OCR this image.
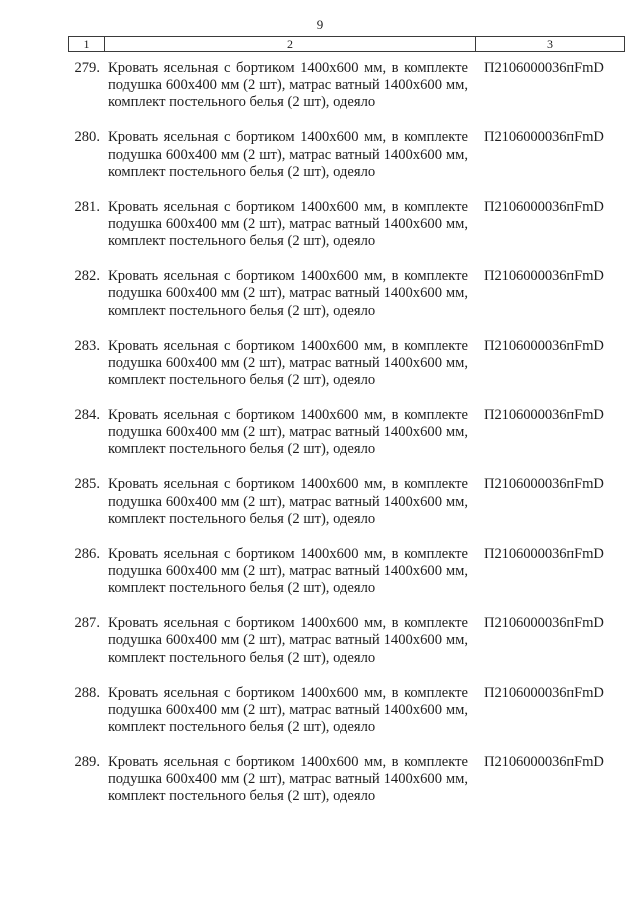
9
1	2	3
279. Кровать ясельная с бортиком 1400х600 мм, в комплекте подушка 600х400 мм (2 шт), матрас ватный 1400х600 мм, комплект постельного белья (2 шт), одеяло
П2106000036пFmD
280. Кровать ясельная с бортиком 1400х600 мм, в комплекте подушка 600х400 мм (2 шт), матрас ватный 1400х600 мм, комплект постельного белья (2 шт), одеяло
П2106000036пFmD
281. Кровать ясельная с бортиком 1400х600 мм, в комплекте подушка 600х400 мм (2 шт), матрас ватный 1400х600 мм, комплект постельного белья (2 шт), одеяло
П2106000036пFmD
282. Кровать ясельная с бортиком 1400х600 мм, в комплекте подушка 600х400 мм (2 шт), матрас ватный 1400х600 мм, комплект постельного белья (2 шт), одеяло
П2106000036пFmD
283. Кровать ясельная с бортиком 1400х600 мм, в комплекте подушка 600х400 мм (2 шт), матрас ватный 1400х600 мм, комплект постельного белья (2 шт), одеяло
П2106000036пFmD
284. Кровать ясельная с бортиком 1400х600 мм, в комплекте подушка 600х400 мм (2 шт), матрас ватный 1400х600 мм, комплект постельного белья (2 шт), одеяло
П2106000036пFmD
285. Кровать ясельная с бортиком 1400х600 мм, в комплекте подушка 600х400 мм (2 шт), матрас ватный 1400х600 мм, комплект постельного белья (2 шт), одеяло
П2106000036пFmD
286. Кровать ясельная с бортиком 1400х600 мм, в комплекте подушка 600х400 мм (2 шт), матрас ватный 1400х600 мм, комплект постельного белья (2 шт), одеяло
П2106000036пFmD
287. Кровать ясельная с бортиком 1400х600 мм, в комплекте подушка 600х400 мм (2 шт), матрас ватный 1400х600 мм, комплект постельного белья (2 шт), одеяло
П2106000036пFmD
288. Кровать ясельная с бортиком 1400х600 мм, в комплекте подушка 600х400 мм (2 шт), матрас ватный 1400х600 мм, комплект постельного белья (2 шт), одеяло
П2106000036пFmD
289. Кровать ясельная с бортиком 1400х600 мм, в комплекте подушка 600х400 мм (2 шт), матрас ватный 1400х600 мм, комплект постельного белья (2 шт), одеяло
П2106000036пFmD
